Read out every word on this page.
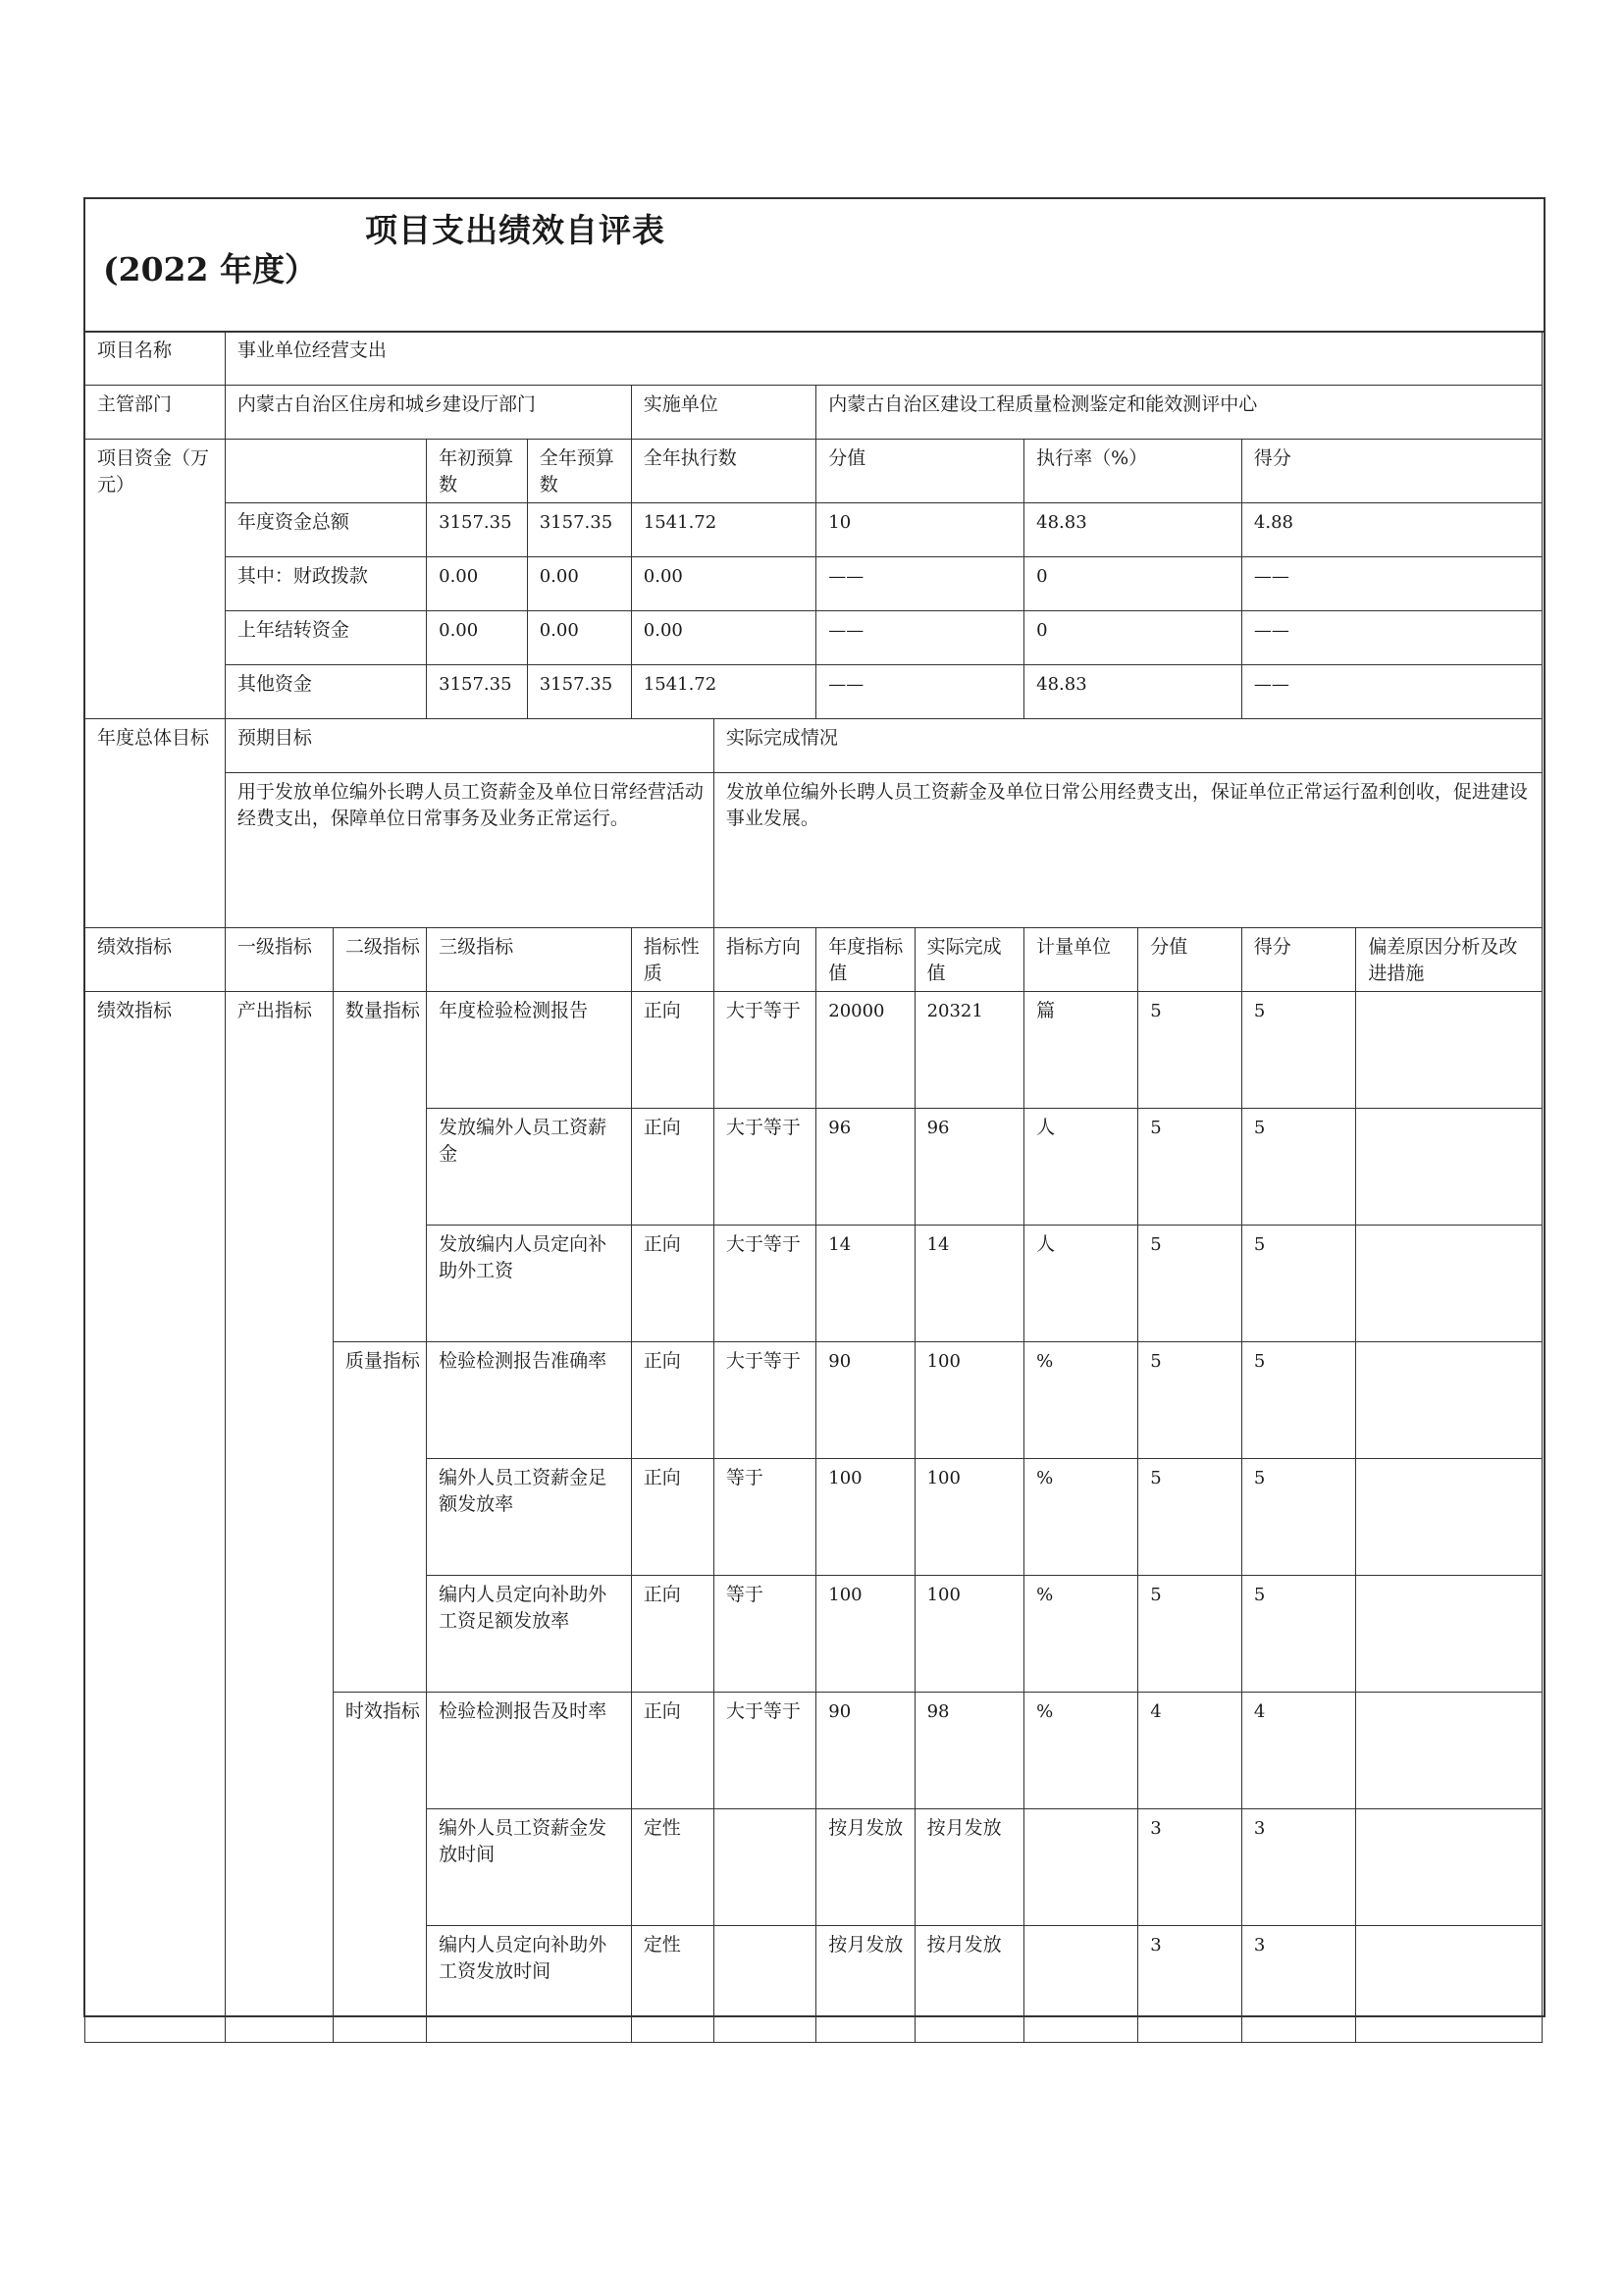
项目支出绩效自评表
(2022 年度）
项目名称	事业单位经营支出
主管部门	内蒙古自治区住房和城乡建设厅部门	实施单位	内蒙古自治区建设工程质量检测鉴定和能效测评中心
项目资金（万元）		年初预算数	全年预算数	全年执行数	分值	执行率（%）	得分
年度资金总额	3157.35	3157.35	1541.72	10	48.83	4.88
其中：财政拨款	0.00	0.00	0.00	——	0	——
上年结转资金	0.00	0.00	0.00	——	0	——
其他资金	3157.35	3157.35	1541.72	——	48.83	——
年度总体目标	预期目标	实际完成情况
用于发放单位编外长聘人员工资薪金及单位日常经营活动经费支出，保障单位日常事务及业务正常运行。	发放单位编外长聘人员工资薪金及单位日常公用经费支出，保证单位正常运行盈利创收，促进建设事业发展。
绩效指标	一级指标	二级指标	三级指标	指标性质	指标方向	年度指标值	实际完成值	计量单位	分值		得分	偏差原因分析及改进措施

绩效指标	产出指标	数量指标	年度检验检测报告	正向	大于等于	20000	20321	篇	5		5	

发放编外人员工资薪金	正向	大于等于	96	96	人	5		5	

发放编内人员定向补助外工资	正向	大于等于	14	14	人	5		5	

质量指标	检验检测报告准确率	正向	大于等于	90	100	%	5		5	

编外人员工资薪金足额发放率	正向	等于	100	100	%	5		5	

编内人员定向补助外工资足额发放率	正向	等于	100	100	%	5		5	

时效指标	检验检测报告及时率	正向	大于等于	90	98	%	4		4	

编外人员工资薪金发放时间	定性		按月发放	按月发放		3		3	

编内人员定向补助外工资发放时间	定性		按月发放	按月发放		3		3	
